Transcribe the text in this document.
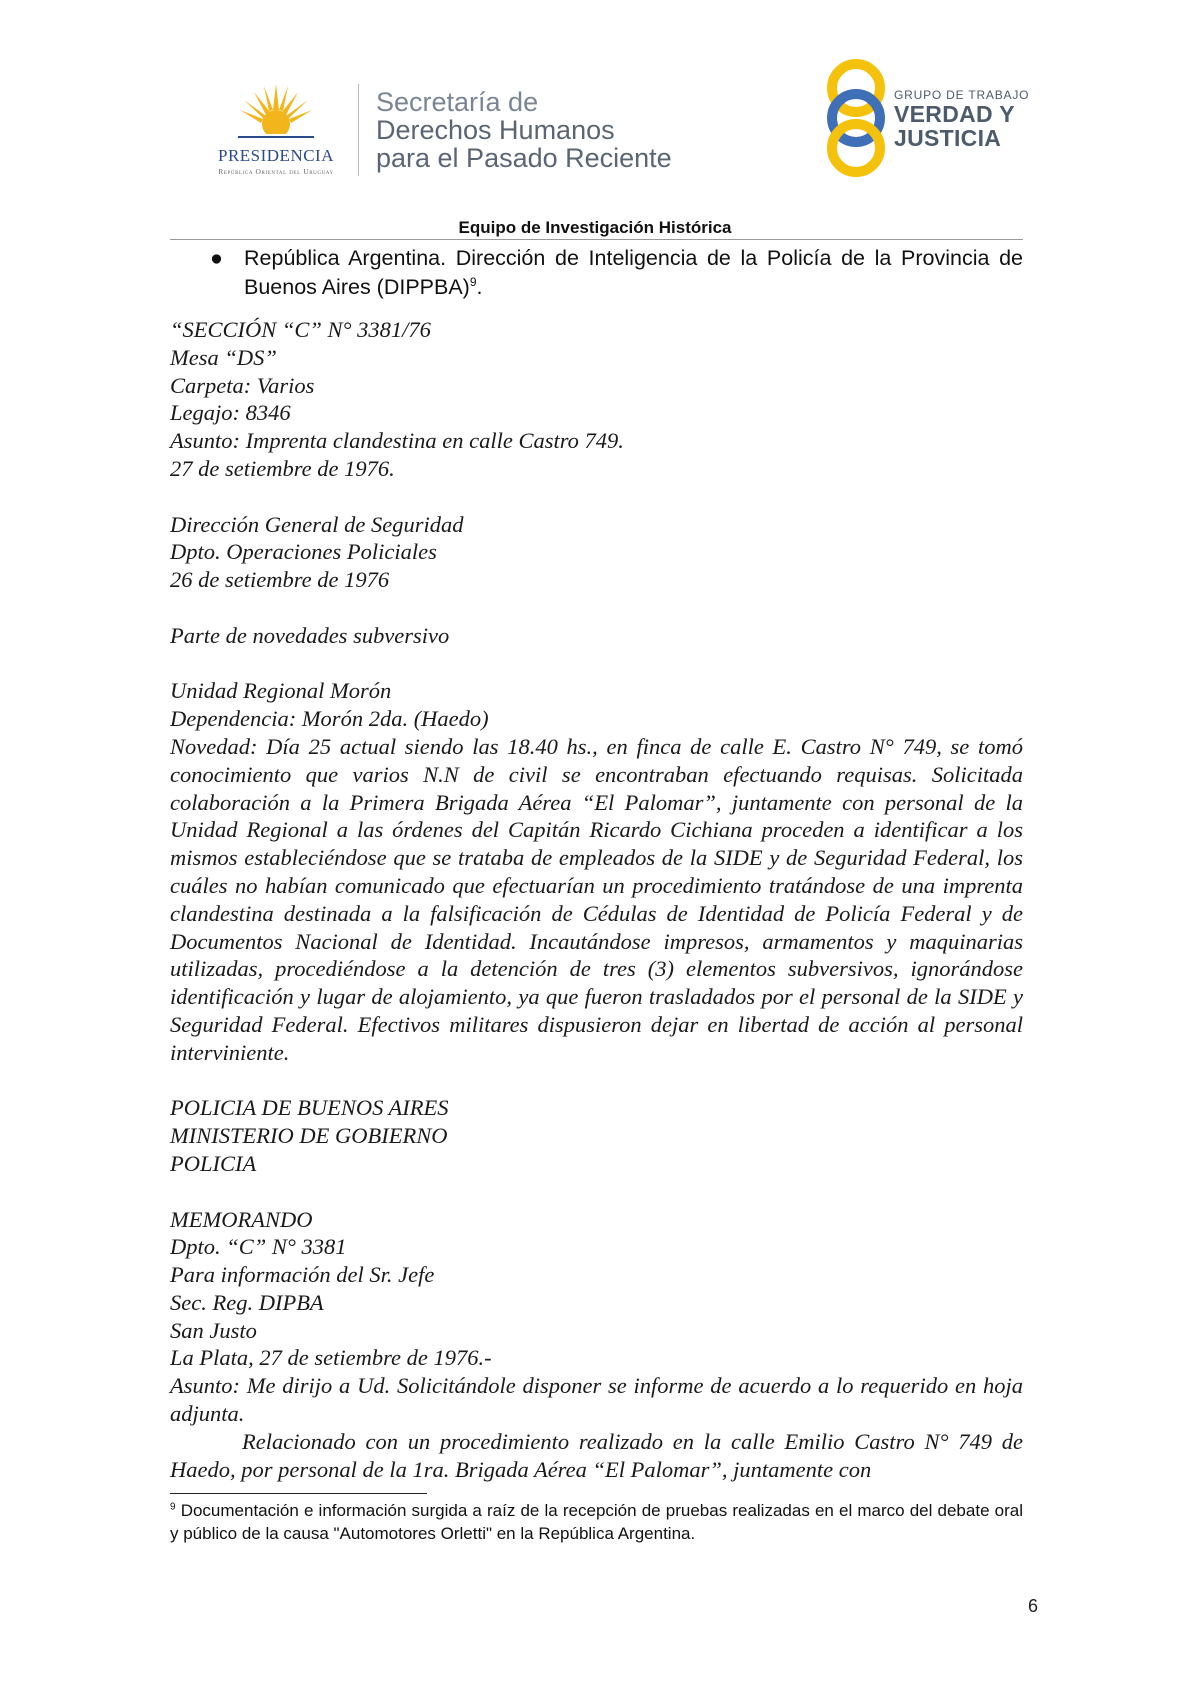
PRESIDENCIA
República Oriental del Uruguay
Secretaría de
Derechos Humanos
para el Pasado Reciente
GRUPO DE TRABAJO
VERDAD Y
JUSTICIA
Equipo de Investigación Histórica
● República Argentina. Dirección de Inteligencia de la Policía de la Provincia de Buenos Aires (DIPPBA)$^9$.
“SECCIÓN “C” N° 3381/76
Mesa “DS”
Carpeta: Varios
Legajo: 8346
Asunto: Imprenta clandestina en calle Castro 749.
27 de setiembre de 1976.
Dirección General de Seguridad
Dpto. Operaciones Policiales
26 de setiembre de 1976
Parte de novedades subversivo
Unidad Regional Morón
Dependencia: Morón 2da. (Haedo)
Novedad: Día 25 actual siendo las 18.40 hs., en finca de calle E. Castro N° 749, se tomó conocimiento que varios N.N de civil se encontraban efectuando requisas. Solicitada colaboración a la Primera Brigada Aérea “El Palomar”, juntamente con personal de la Unidad Regional a las órdenes del Capitán Ricardo Cichiana proceden a identificar a los mismos estableciéndose que se trataba de empleados de la SIDE y de Seguridad Federal, los cuáles no habían comunicado que efectuarían un procedimiento tratándose de una imprenta clandestina destinada a la falsificación de Cédulas de Identidad de Policía Federal y de Documentos Nacional de Identidad. Incautándose impresos, armamentos y maquinarias utilizadas, procediéndose a la detención de tres (3) elementos subversivos, ignorándose identificación y lugar de alojamiento, ya que fueron trasladados por el personal de la SIDE y Seguridad Federal. Efectivos militares dispusieron dejar en libertad de acción al personal interviniente.
POLICIA DE BUENOS AIRES
MINISTERIO DE GOBIERNO
POLICIA
MEMORANDO
Dpto. “C” N° 3381
Para información del Sr. Jefe
Sec. Reg. DIPBA
San Justo
La Plata, 27 de setiembre de 1976.-
Asunto: Me dirijo a Ud. Solicitándole disponer se informe de acuerdo a lo requerido en hoja adjunta.
Relacionado con un procedimiento realizado en la calle Emilio Castro N° 749 de Haedo, por personal de la 1ra. Brigada Aérea “El Palomar”, juntamente con
$^9$ Documentación e información surgida a raíz de la recepción de pruebas realizadas en el marco del debate oral y público de la causa "Automotores Orletti" en la República Argentina.
6
